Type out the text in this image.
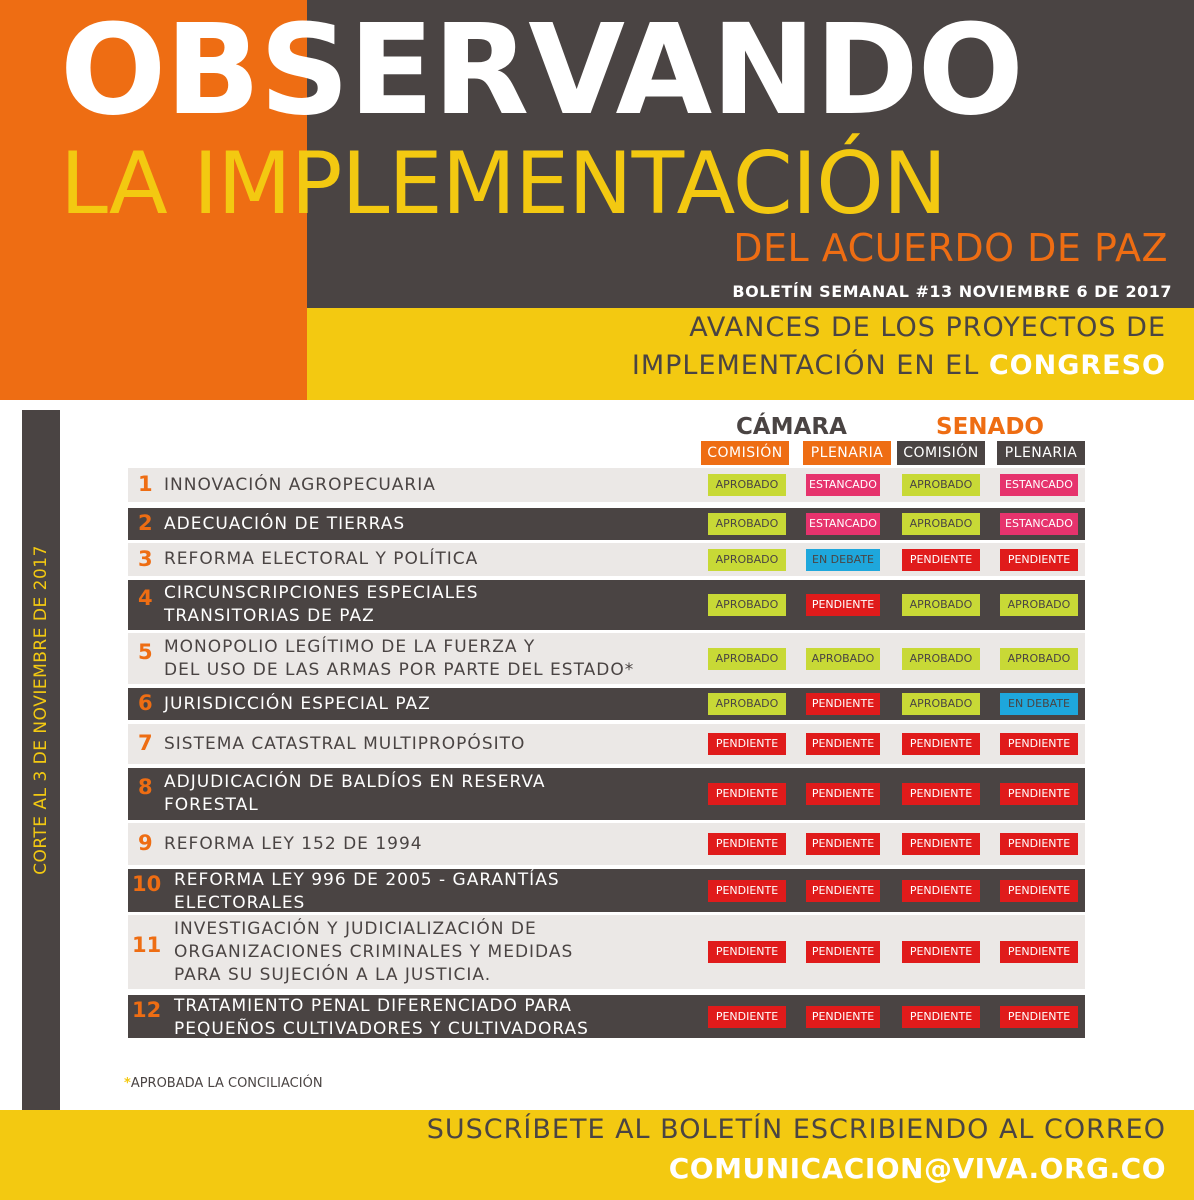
OBSERVANDO
LA IMPLEMENTACIÓN
DEL ACUERDO DE PAZ
BOLETÍN SEMANAL #13 NOVIEMBRE 6 DE 2017
AVANCES DE LOS PROYECTOS DE
IMPLEMENTACIÓN EN EL CONGRESO
CORTE AL 3 DE NOVIEMBRE DE 2017
CÁMARA	SENADO
*APROBADA LA CONCILIACIÓN
SUSCRÍBETE AL BOLETÍN ESCRIBIENDO AL CORREO
COMUNICACION@VIVA.ORG.CO
COMISIÓN	PLENARIA	COMISIÓN	PLENARIA
1 INNOVACIÓN AGROPECUARIA	APROBADO	ESTANCADO	APROBADO	ESTANCADO
2 ADECUACIÓN DE TIERRAS	APROBADO	ESTANCADO	APROBADO	ESTANCADO
3 REFORMA ELECTORAL Y POLÍTICA	APROBADO	EN DEBATE	PENDIENTE	PENDIENTE
4 CIRCUNSCRIPCIONES ESPECIALES
TRANSITORIAS DE PAZ
APROBADO	PENDIENTE	APROBADO	APROBADO
5 MONOPOLIO LEGÍTIMO DE LA FUERZA Y
DEL USO DE LAS ARMAS POR PARTE DEL ESTADO*
APROBADO	APROBADO	APROBADO	APROBADO
6 JURISDICCIÓN ESPECIAL PAZ	APROBADO	PENDIENTE	APROBADO	EN DEBATE
7 SISTEMA CATASTRAL MULTIPROPÓSITO	PENDIENTE	PENDIENTE	PENDIENTE	PENDIENTE
8 ADJUDICACIÓN DE BALDÍOS EN RESERVA
FORESTAL
PENDIENTE	PENDIENTE	PENDIENTE	PENDIENTE
9 REFORMA LEY 152 DE 1994	PENDIENTE	PENDIENTE	PENDIENTE	PENDIENTE
10 REFORMA LEY 996 DE 2005 - GARANTÍAS
ELECTORALES
PENDIENTE	PENDIENTE	PENDIENTE	PENDIENTE
11
INVESTIGACIÓN Y JUDICIALIZACIÓN DE
ORGANIZACIONES CRIMINALES Y MEDIDAS
PARA SU SUJECIÓN A LA JUSTICIA.
PENDIENTE	PENDIENTE	PENDIENTE	PENDIENTE
12 TRATAMIENTO PENAL DIFERENCIADO PARA
PEQUEÑOS CULTIVADORES Y CULTIVADORAS
PENDIENTE	PENDIENTE	PENDIENTE	PENDIENTE
